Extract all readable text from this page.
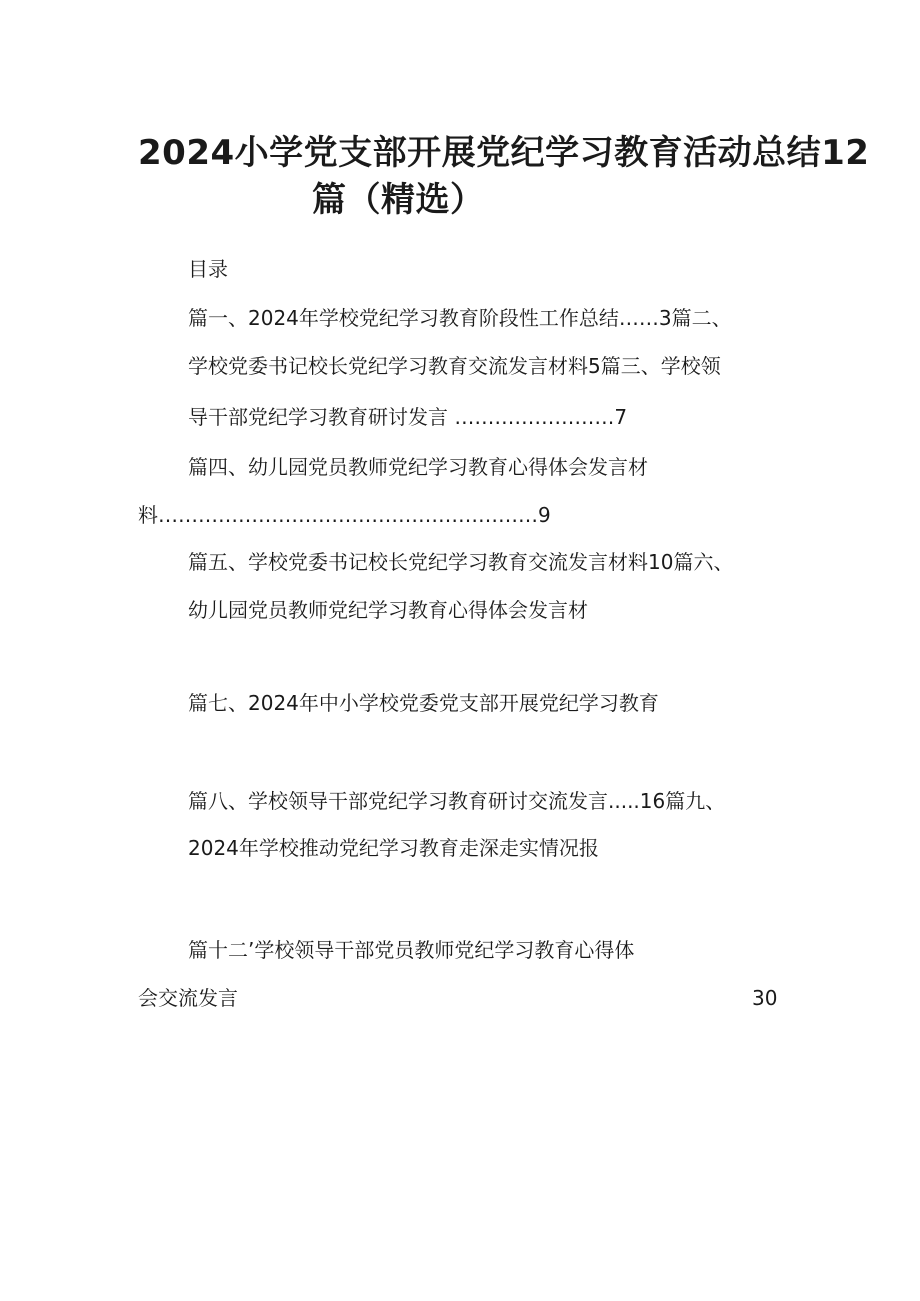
2024小学党支部开展党纪学习教育活动总结12
篇（精选）
目录
篇一、2024年学校党纪学习教育阶段性工作总结……3篇二、
学校党委书记校长党纪学习教育交流发言材料5篇三、学校领
导干部党纪学习教育研讨发言 ……………………7
篇四、幼儿园党员教师党纪学习教育心得体会发言材
料…………………………………………………9
篇五、学校党委书记校长党纪学习教育交流发言材料10篇六、
幼儿园党员教师党纪学习教育心得体会发言材
篇七、2024年中小学校党委党支部开展党纪学习教育
篇八、学校领导干部党纪学习教育研讨交流发言.....16篇九、
2024年学校推动党纪学习教育走深走实情况报
篇十二’学校领导干部党员教师党纪学习教育心得体
会交流发言	30
